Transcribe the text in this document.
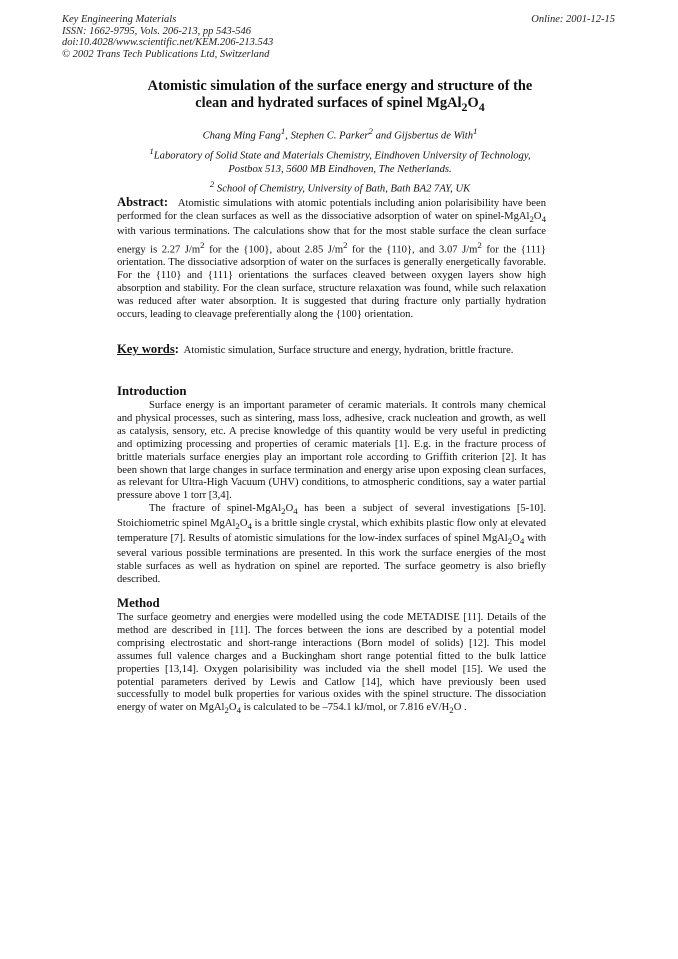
Key Engineering Materials
ISSN: 1662-9795, Vols. 206-213, pp 543-546
doi:10.4028/www.scientific.net/KEM.206-213.543
© 2002 Trans Tech Publications Ltd, Switzerland
Online: 2001-12-15
Atomistic simulation of the surface energy and structure of the
clean and hydrated surfaces of spinel $MgAl_2O_4$
Chang Ming Fang$^1$, Stephen C. Parker$^2$ and Gijsbertus de With$^1$
$^1$Laboratory of Solid State and Materials Chemistry, Eindhoven University of Technology,
Postbox 513, 5600 MB Eindhoven, The Netherlands.
$^2$ School of Chemistry, University of Bath, Bath BA2 7AY, UK

Abstract: Atomistic simulations with atomic potentials including anion polarisibility have been performed for the clean surfaces as well as the dissociative adsorption of water on spinel-$MgAl_2O_4$ with various terminations. The calculations show that for the most stable surface the clean surface energy is 2.27 $J/m^2$ for the {100}, about 2.85 $J/m^2$ for the {110}, and 3.07 $J/m^2$ for the {111} orientation. The dissociative adsorption of water on the surfaces is generally energetically favorable. For the {110} and {111} orientations the surfaces cleaved between oxygen layers show high absorption and stability. For the clean surface, structure relaxation was found, while such relaxation was reduced after water absorption. It is suggested that during fracture only partially hydration occurs, leading to cleavage preferentially along the {100} orientation.

Key words: Atomistic simulation, Surface structure and energy, hydration, brittle fracture.

Introduction

Surface energy is an important parameter of ceramic materials. It controls many chemical and physical processes, such as sintering, mass loss, adhesive, crack nucleation and growth, as well as catalysis, sensory, etc. A precise knowledge of this quantity would be very useful in predicting and optimizing processing and properties of ceramic materials [1]. E.g. in the fracture process of brittle materials surface energies play an important role according to Griffith criterion [2]. It has been shown that large changes in surface termination and energy arise upon exposing clean surfaces, as relevant for Ultra-High Vacuum (UHV) conditions, to atmospheric conditions, say a water partial pressure above 1 torr [3,4].

The fracture of spinel-$MgAl_2O_4$ has been a subject of several investigations [5-10]. Stoichiometric spinel $MgAl_2O_4$ is a brittle single crystal, which exhibits plastic flow only at elevated temperature [7]. Results of atomistic simulations for the low-index surfaces of spinel $MgAl_2O_4$ with several various possible terminations are presented. In this work the surface energies of the most stable surfaces as well as hydration on spinel are reported. The surface geometry is also briefly described.

Method

The surface geometry and energies were modelled using the code METADISE [11]. Details of the method are described in [11]. The forces between the ions are described by a potential model comprising electrostatic and short-range interactions (Born model of solids) [12]. This model assumes full valence charges and a Buckingham short range potential fitted to the bulk lattice properties [13,14]. Oxygen polarisibility was included via the shell model [15]. We used the potential parameters derived by Lewis and Catlow [14], which have previously been used successfully to model bulk properties for various oxides with the spinel structure. The dissociation energy of water on $MgAl_2O_4$ is calculated to be –754.1 kJ/mol, or 7.816 $eV/H_2O$ .
